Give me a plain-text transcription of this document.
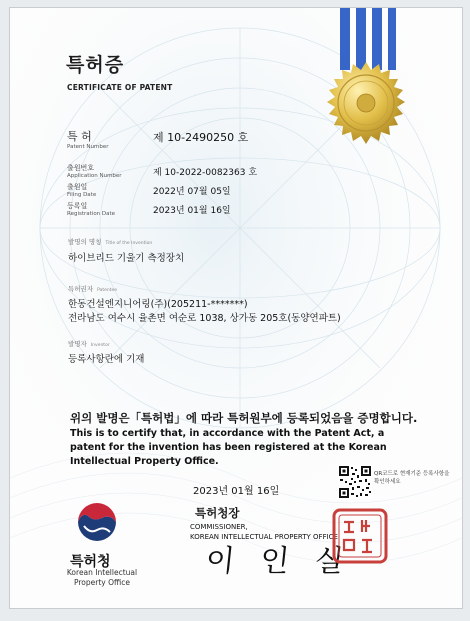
특허증
CERTIFICATE OF PATENT
특 허
Patent Number
제 10-2490250 호
출원번호
Application Number	제 10-2022-0082363 호
출원일
Filing Date	2022년 07월 05일
등록일
Registration Date	2023년 01월 16일
발명의 명칭 Title of the Invention
하이브리드 기울기 측정장치
특허권자 Patentee
한동건설엔지니어링(주)(205211-*******)
전라남도 여수시 율촌면 여순로 1038, 상가동 205호(동양연파트)
발명자 Inventor
등록사항란에 기재
위의 발명은「특허법」에 따라 특허원부에 등록되었음을 증명합니다.
This is to certify that, in accordance with the Patent Act, a patent for the invention has been registered at the Korean Intellectual Property Office.
2023년 01월 16일
특허청장
COMMISSIONER,
KOREAN INTELLECTUAL PROPERTY OFFICE
이 인 실
QR코드로 현재기준 등록사항을 확인하세요
특허청
Korean Intellectual
Property Office
